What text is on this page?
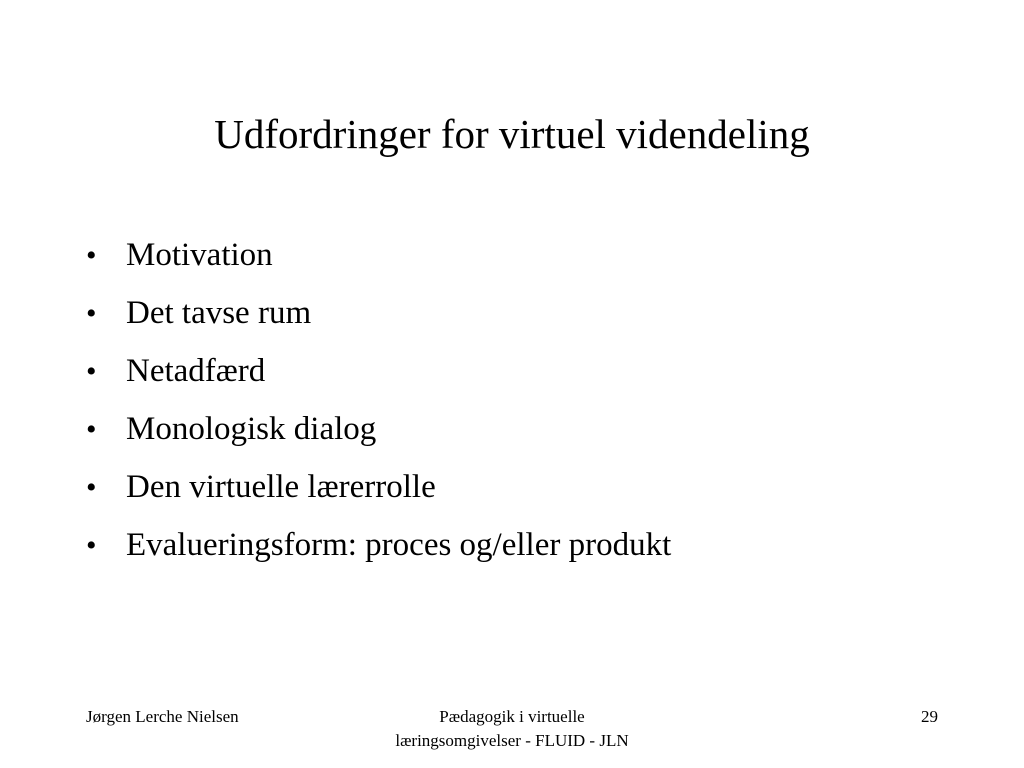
Udfordringer for virtuel videndeling
• Motivation
• Det tavse rum
• Netadfærd
• Monologisk dialog
• Den virtuelle lærerrolle
• Evalueringsform: proces og/eller produkt
Jørgen Lerche Nielsen	Pædagogik i virtuelle
læringsomgivelser - FLUID - JLN
29
